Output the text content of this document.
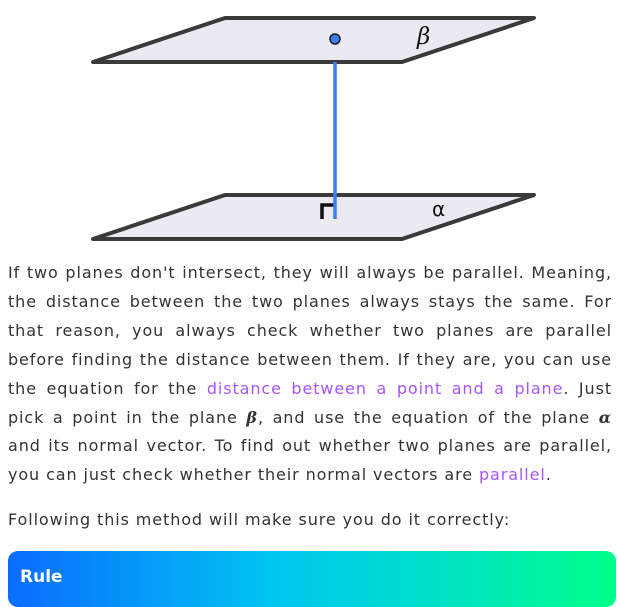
β
α

If two planes don't intersect, they will always be parallel. Meaning, the distance between the two planes always stays the same. For that reason, you always check whether two planes are parallel before finding the distance between them. If they are, you can use the equation for the distance between a point and a plane. Just pick a point in the plane β, and use the equation of the plane α and its normal vector. To find out whether two planes are parallel, you can just check whether their normal vectors are parallel.

Following this method will make sure you do it correctly:

Rule
